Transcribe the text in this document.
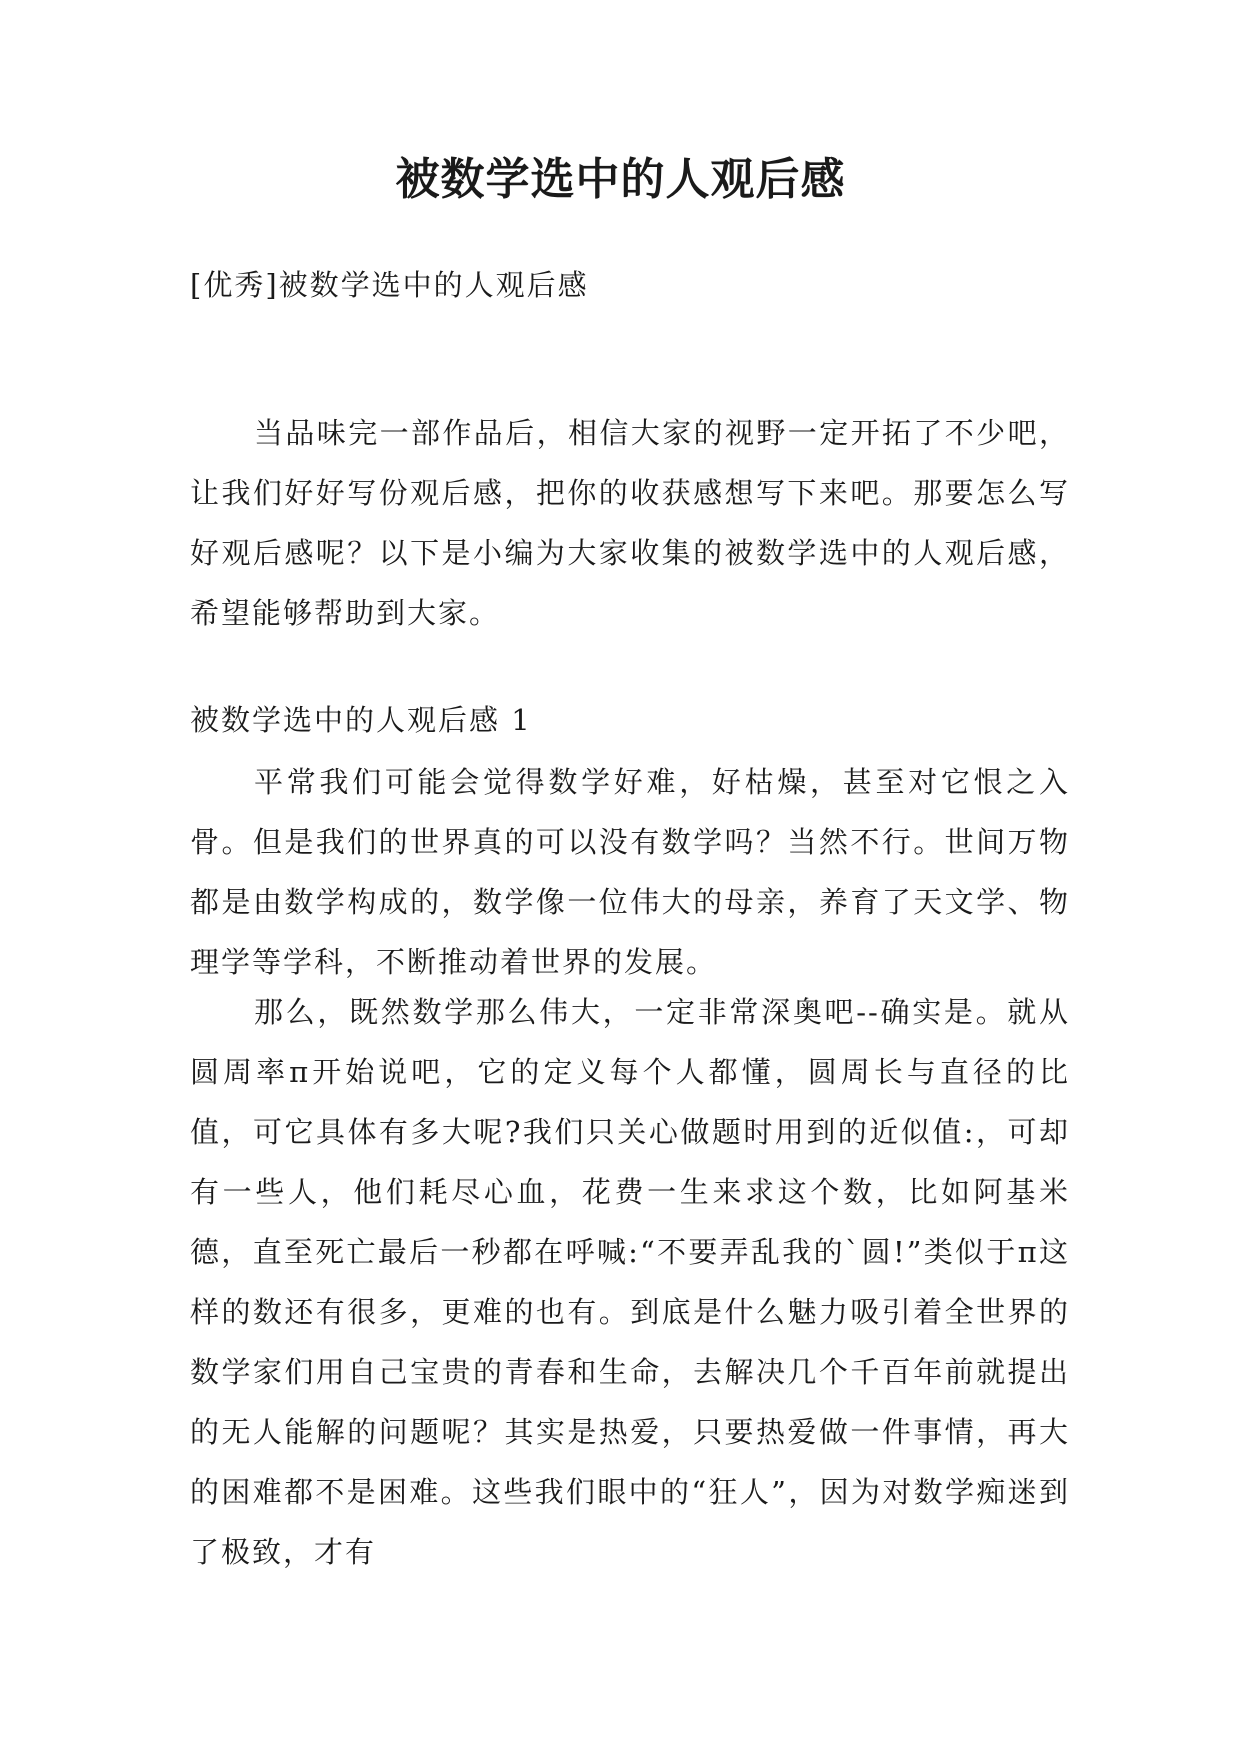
被数学选中的人观后感

[优秀]被数学选中的人观后感

当品味完一部作品后，相信大家的视野一定开拓了不少吧，让我们好好写份观后感，把你的收获感想写下来吧。那要怎么写好观后感呢？以下是小编为大家收集的被数学选中的人观后感，希望能够帮助到大家。

被数学选中的人观后感 1

平常我们可能会觉得数学好难，好枯燥，甚至对它恨之入骨。但是我们的世界真的可以没有数学吗？当然不行。世间万物都是由数学构成的，数学像一位伟大的母亲，养育了天文学、物理学等学科，不断推动着世界的发展。

那么，既然数学那么伟大，一定非常深奥吧--确实是。就从圆周率π开始说吧，它的定义每个人都懂，圆周长与直径的比值，可它具体有多大呢?我们只关心做题时用到的近似值:，可却有一些人，他们耗尽心血，花费一生来求这个数，比如阿基米德，直至死亡最后一秒都在呼喊:“不要弄乱我的`圆!”类似于π这样的数还有很多，更难的也有。到底是什么魅力吸引着全世界的数学家们用自己宝贵的青春和生命，去解决几个千百年前就提出的无人能解的问题呢？其实是热爱，只要热爱做一件事情，再大的困难都不是困难。这些我们眼中的“狂人”，因为对数学痴迷到了极致，才有
